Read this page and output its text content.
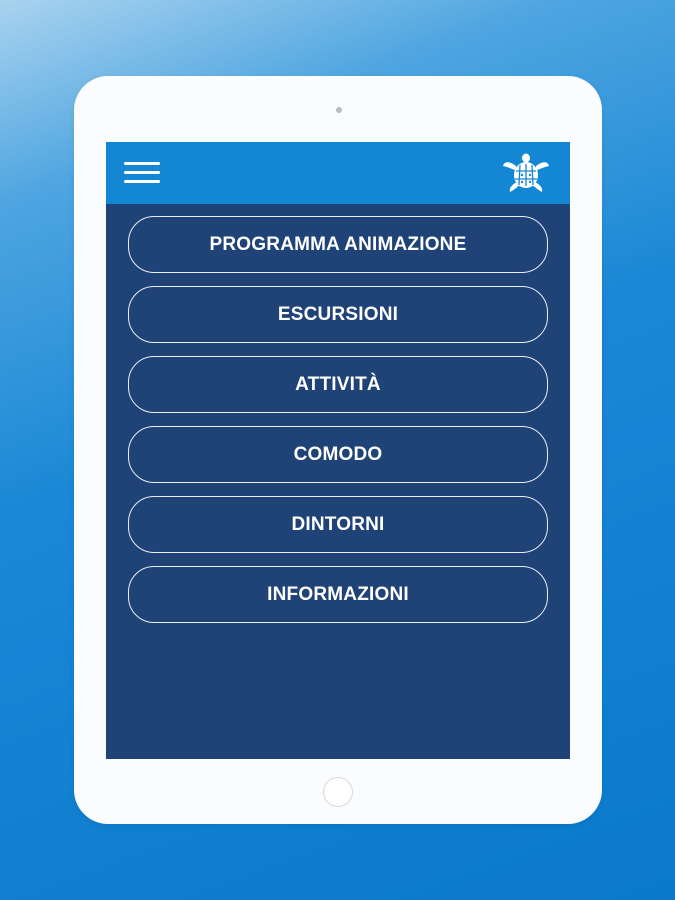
PROGRAMMA ANIMAZIONE
ESCURSIONI
ATTIVITÀ
COMODO
DINTORNI
INFORMAZIONI
